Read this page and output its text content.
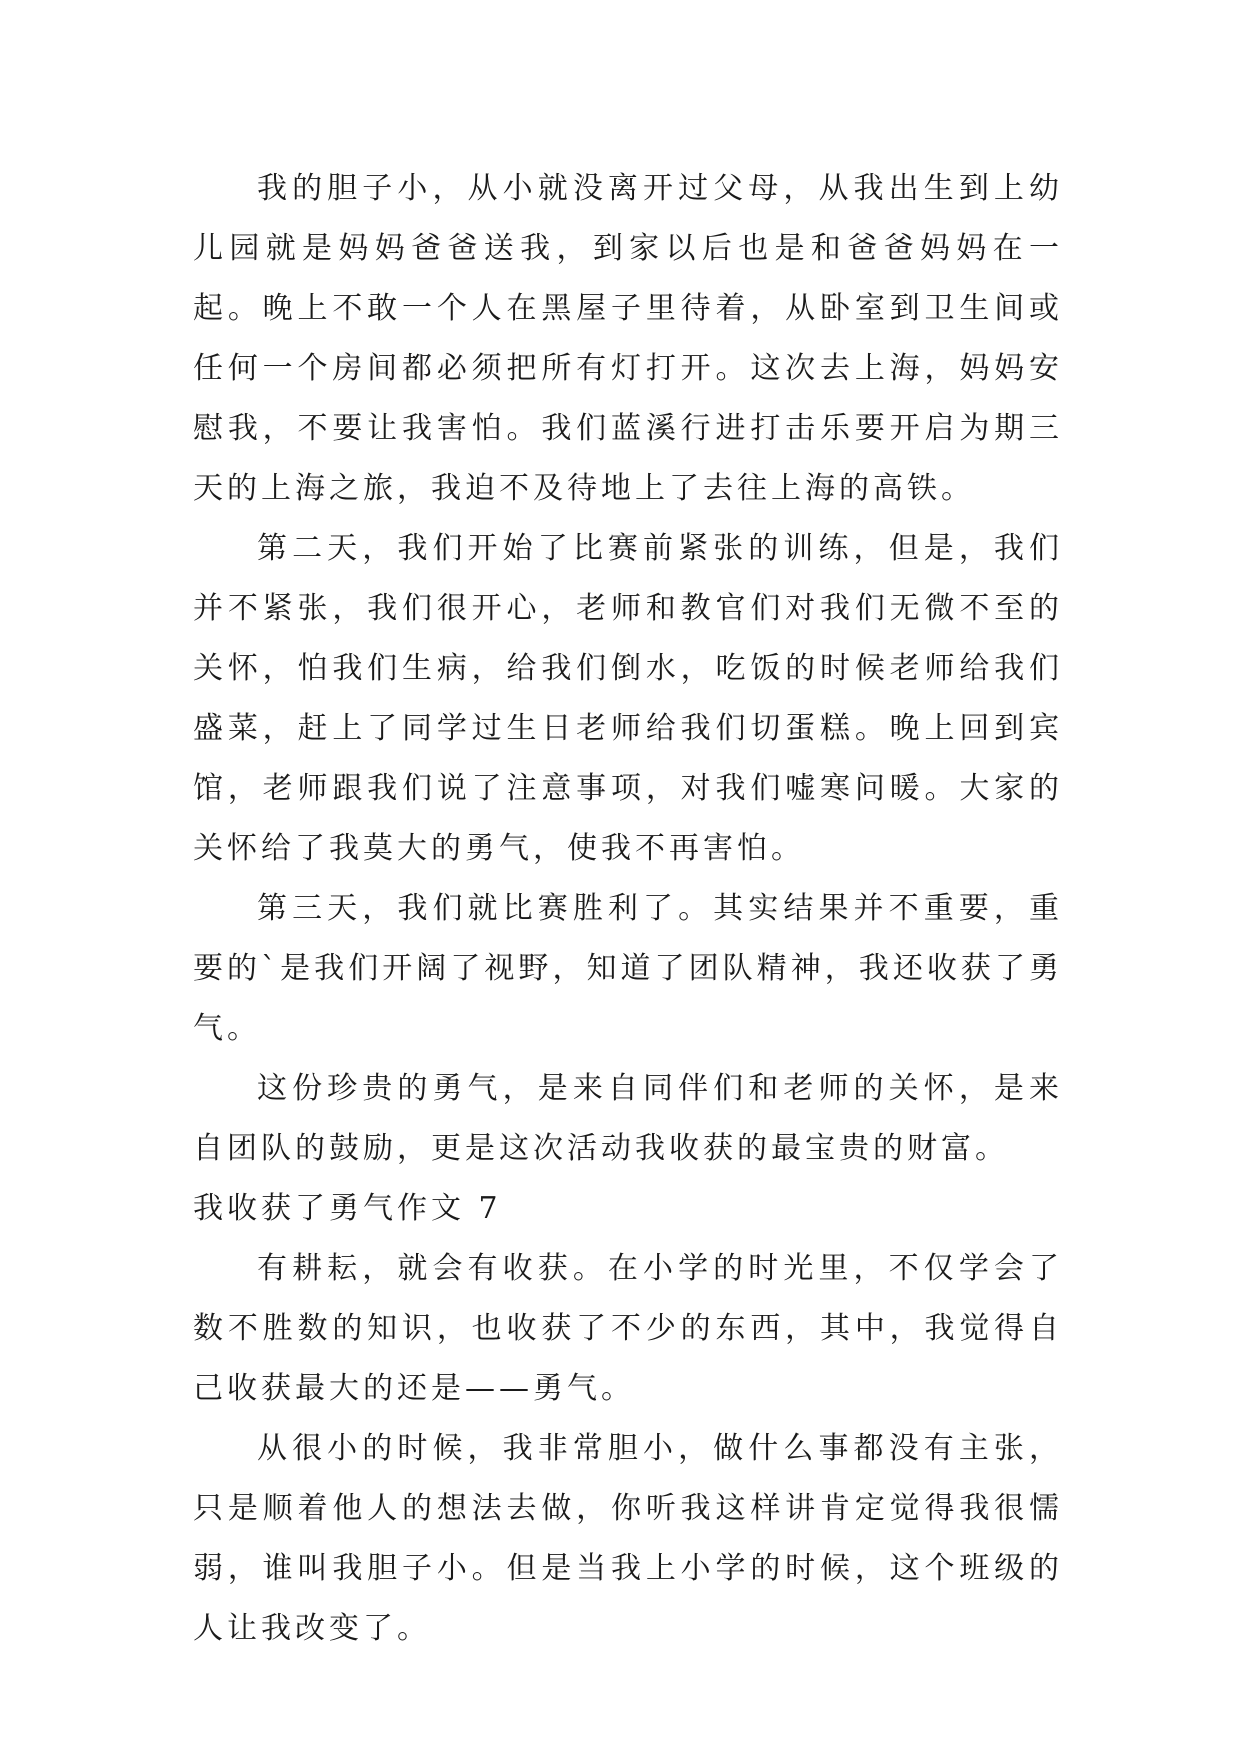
我的胆子小，从小就没离开过父母，从我出生到上幼儿园就是妈妈爸爸送我，到家以后也是和爸爸妈妈在一起。晚上不敢一个人在黑屋子里待着，从卧室到卫生间或任何一个房间都必须把所有灯打开。这次去上海，妈妈安慰我，不要让我害怕。我们蓝溪行进打击乐要开启为期三天的上海之旅，我迫不及待地上了去往上海的高铁。

第二天，我们开始了比赛前紧张的训练，但是，我们并不紧张，我们很开心，老师和教官们对我们无微不至的关怀，怕我们生病，给我们倒水，吃饭的时候老师给我们盛菜，赶上了同学过生日老师给我们切蛋糕。晚上回到宾馆，老师跟我们说了注意事项，对我们嘘寒问暖。大家的关怀给了我莫大的勇气，使我不再害怕。

第三天，我们就比赛胜利了。其实结果并不重要，重要的`是我们开阔了视野，知道了团队精神，我还收获了勇气。

这份珍贵的勇气，是来自同伴们和老师的关怀，是来自团队的鼓励，更是这次活动我收获的最宝贵的财富。

我收获了勇气作文 7

有耕耘，就会有收获。在小学的时光里，不仅学会了数不胜数的知识，也收获了不少的东西，其中，我觉得自己收获最大的还是——勇气。

从很小的时候，我非常胆小，做什么事都没有主张，只是顺着他人的想法去做，你听我这样讲肯定觉得我很懦弱，谁叫我胆子小。但是当我上小学的时候，这个班级的人让我改变了。
